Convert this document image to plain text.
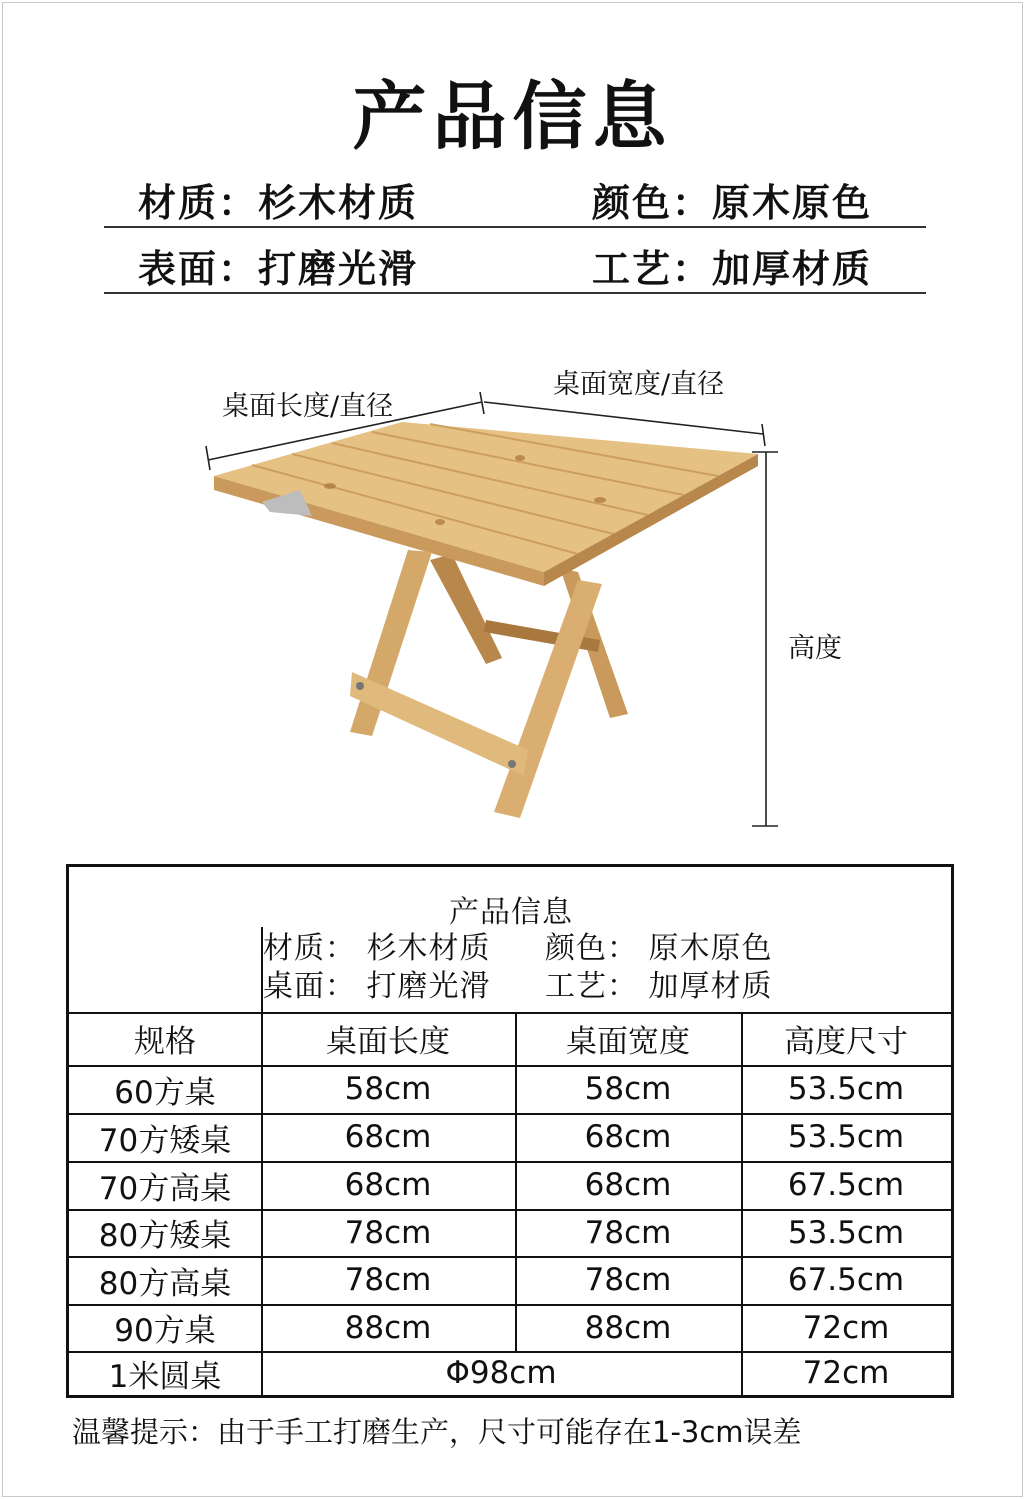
产品信息
材质：杉木材质	颜色：原木原色
表面：打磨光滑	工艺：加厚材质
桌面长度/直径
桌面宽度/直径
高度
产品信息
材质： 杉木材质 颜色： 原木原色
桌面： 打磨光滑 工艺： 加厚材质
规格	桌面长度	桌面宽度	高度尺寸
60方桌	58cm	58cm	53.5cm
70方矮桌	68cm	68cm	53.5cm
70方高桌	68cm	68cm	67.5cm
80方矮桌	78cm	78cm	53.5cm
80方高桌	78cm	78cm	67.5cm
90方桌	88cm	88cm	72cm
1米圆桌	Φ98cm	72cm
温馨提示：由于手工打磨生产，尺寸可能存在1-3cm误差
